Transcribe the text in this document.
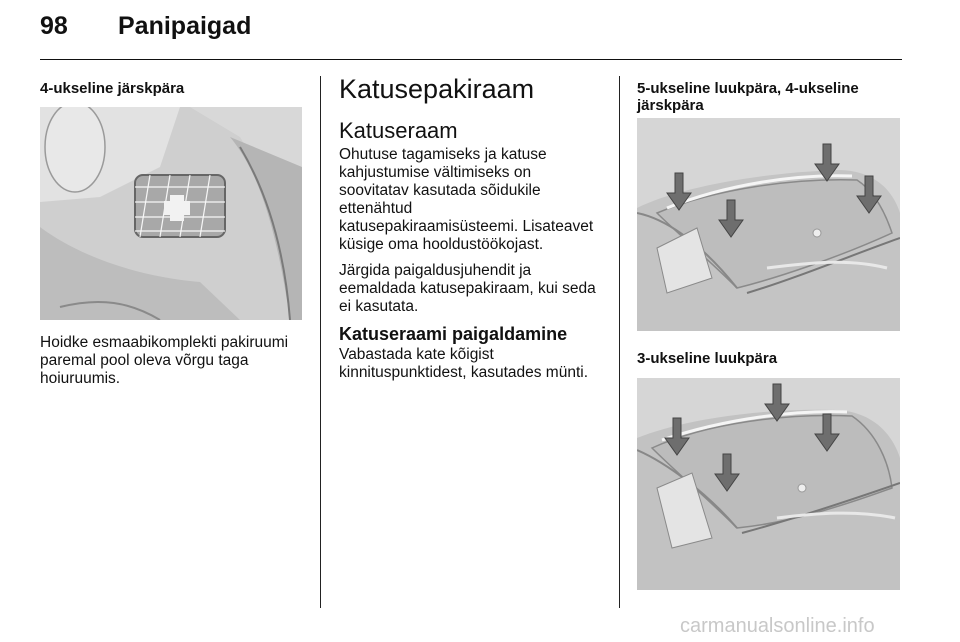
98 Panipaigad
4-ukseline järskpära
Hoidke esmaabikomplekti pakiruumi
paremal pool oleva võrgu taga
hoiuruumis.
Katusepakiraam
Katuseraam

Ohutuse tagamiseks ja katuse
kahjustumise vältimiseks on
soovitatav kasutada sõidukile
ettenähtud
katusepakiraamisüsteemi. Lisateavet
küsige oma hooldustöökojast.

Järgida paigaldusjuhendit ja
eemaldada katusepakiraam, kui seda
ei kasutata.

Katuseraami paigaldamine
Vabastada kate kõigist
kinnituspunktidest, kasutades münti.
5-ukseline luukpära, 4-ukseline
järskpära
3-ukseline luukpära
carmanualsonline.info
